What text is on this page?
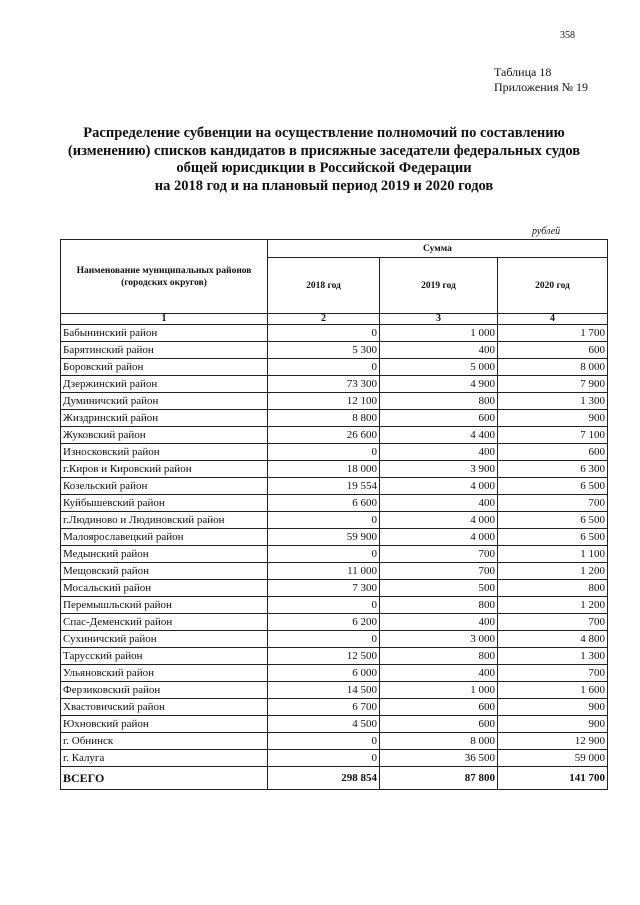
358
Таблица 18
Приложения № 19
Распределение субвенции на осуществление полномочий по составлению
(изменению) списков кандидатов в присяжные заседатели федеральных судов
общей юрисдикции в Российской Федерации
на 2018 год и на плановый период 2019 и 2020 годов
рублей
Наименование муниципальных районов (городских округов)	Сумма		
	2018 год	2019 год	2020 год
1	2	3	4
Бабынинский район	0	1 000	1 700
Барятинский район	5 300	400	600
Боровский район	0	5 000	8 000
Дзержинский район	73 300	4 900	7 900
Думиничский район	12 100	800	1 300
Жиздринский район	8 800	600	900
Жуковский район	26 600	4 400	7 100
Износковский район	0	400	600
г.Киров и Кировский район	18 000	3 900	6 300
Козельский район	19 554	4 000	6 500
Куйбышевский район	6 600	400	700
г.Людиново и Людиновский район	0	4 000	6 500
Малоярославецкий район	59 900	4 000	6 500
Медынский район	0	700	1 100
Мещовский район	11 000	700	1 200
Мосальский район	7 300	500	800
Перемышльский район	0	800	1 200
Спас-Деменский район	6 200	400	700
Сухиничский район	0	3 000	4 800
Тарусский район	12 500	800	1 300
Ульяновский район	6 000	400	700
Ферзиковский район	14 500	1 000	1 600
Хвастовичский район	6 700	600	900
Юхновский район	4 500	600	900
г. Обнинск	0	8 000	12 900
г. Калуга	0	36 500	59 000
ВСЕГО	298 854	87 800	141 700
